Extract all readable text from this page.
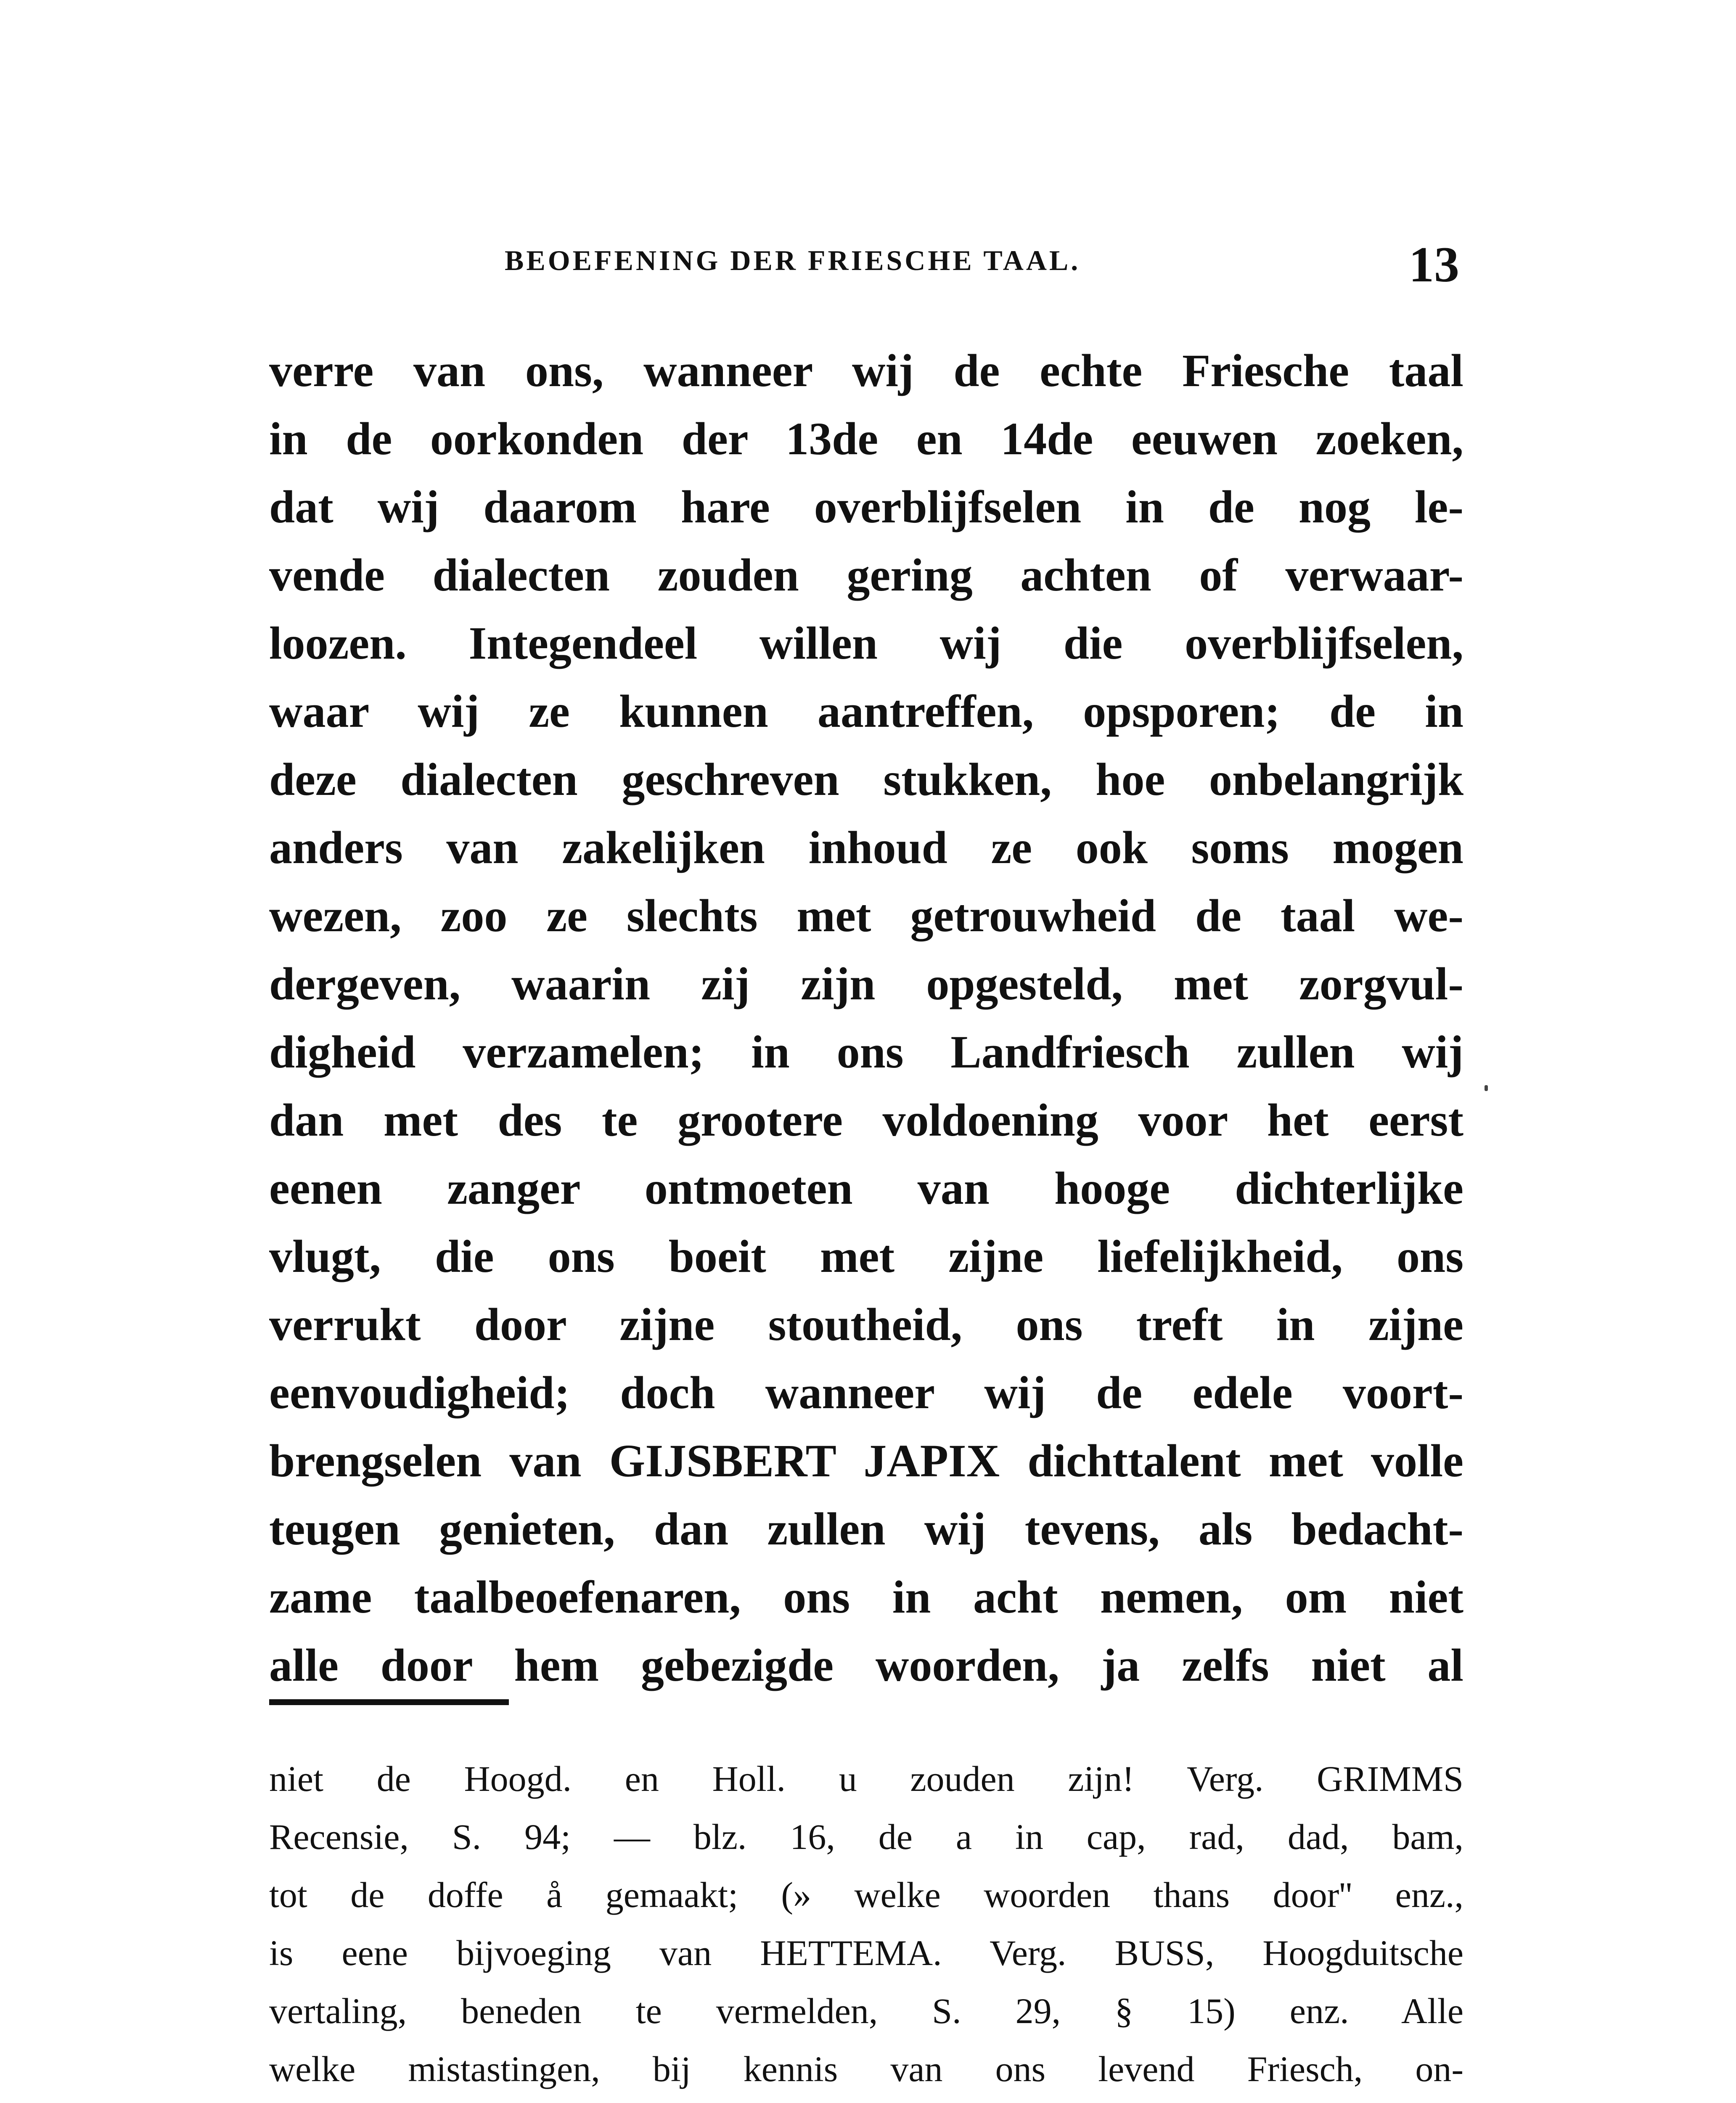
BEOEFENING DER FRIESCHE TAAL.	13
verre van ons, wanneer wij de echte Friesche taal
in de oorkonden der 13de en 14de eeuwen zoeken,
dat wij daarom hare overblijfselen in de nog le-
vende dialecten zouden gering achten of verwaar-
loozen. Integendeel willen wij die overblijfselen,
waar wij ze kunnen aantreffen, opsporen; de in
deze dialecten geschreven stukken, hoe onbelangrijk
anders van zakelijken inhoud ze ook soms mogen
wezen, zoo ze slechts met getrouwheid de taal we-
dergeven, waarin zij zijn opgesteld, met zorgvul-
digheid verzamelen; in ons Landfriesch zullen wij
dan met des te grootere voldoening voor het eerst
eenen zanger ontmoeten van hooge dichterlijke
vlugt, die ons boeit met zijne liefelijkheid, ons
verrukt door zijne stoutheid, ons treft in zijne
eenvoudigheid; doch wanneer wij de edele voort-
brengselen van GIJSBERT JAPIX dichttalent met volle
teugen genieten, dan zullen wij tevens, als bedacht-
zame taalbeoefenaren, ons in acht nemen, om niet
alle door hem gebezigde woorden, ja zelfs niet al
niet de Hoogd. en Holl. u zouden zijn! Verg. GRIMMS
Recensie, S. 94; — blz. 16, de a in cap, rad, dad, bam,
tot de doffe å gemaakt; (» welke woorden thans door'' enz.,
is eene bijvoeging van HETTEMA. Verg. BUSS, Hoogduitsche
vertaling, beneden te vermelden, S. 29, § 15) enz. Alle
welke mistastingen, bij kennis van ons levend Friesch, on-
